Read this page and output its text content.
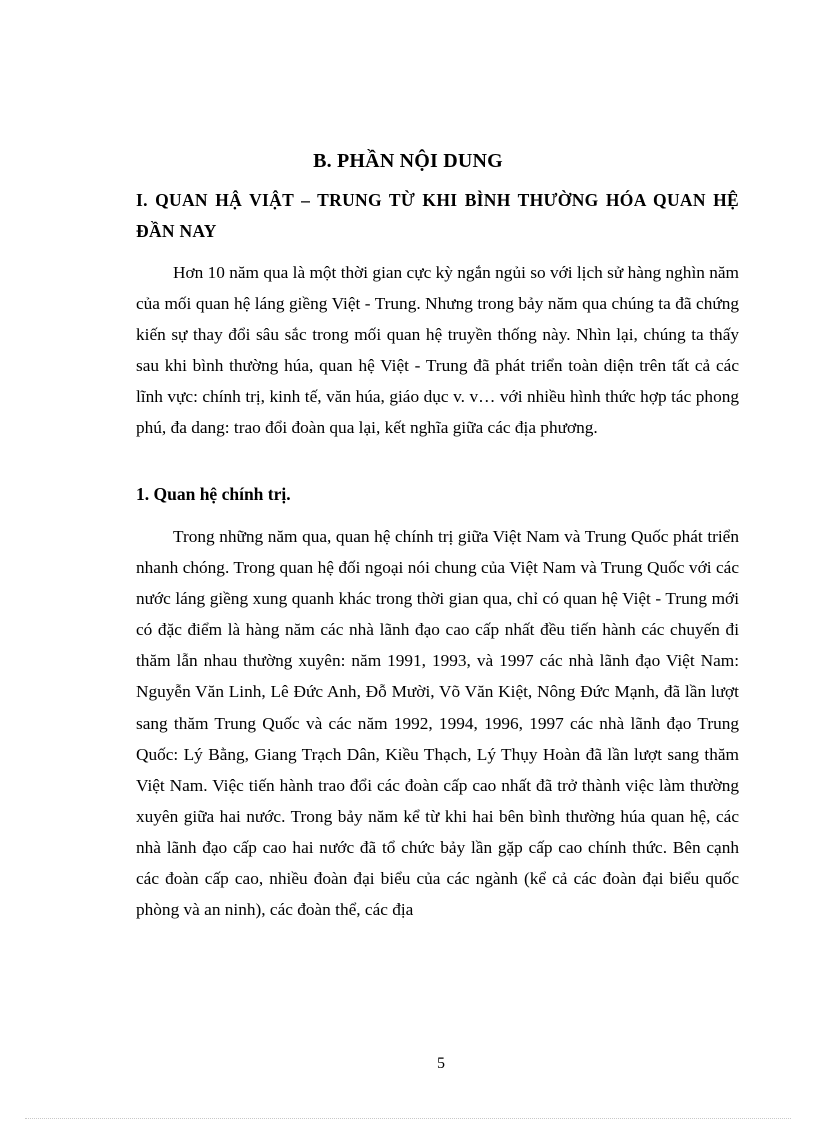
B. PHẦN NỘI DUNG
I. QUAN HẬ VIẬT – TRUNG TỪ KHI BÌNH THƯỜNG HÓA QUAN HỆ ĐẦN NAY
Hơn 10 năm qua là một thời gian cực kỳ ngắn ngủi so với lịch sử hàng nghìn năm của mối quan hệ láng giềng Việt - Trung. Nhưng trong bảy năm qua chúng ta đã chứng kiến sự thay đổi sâu sắc trong mối quan hệ truyền thống này. Nhìn lại, chúng ta thấy sau khi bình thường húa, quan hệ Việt - Trung đã phát triển toàn diện trên tất cả các lĩnh vực: chính trị, kinh tế, văn húa, giáo dục v. v… với nhiều hình thức hợp tác phong phú, đa dang: trao đổi đoàn qua lại, kết nghĩa giữa các địa phương.
1. Quan hệ chính trị.
Trong những năm qua, quan hệ chính trị giữa Việt Nam và Trung Quốc phát triển nhanh chóng. Trong quan hệ đối ngoại nói chung của Việt Nam và Trung Quốc với các nước láng giềng xung quanh khác trong thời gian qua, chỉ có quan hệ Việt - Trung mới có đặc điểm là hàng năm các nhà lãnh đạo cao cấp nhất đều tiến hành các chuyến đi thăm lẫn nhau thường xuyên: năm 1991, 1993, và 1997 các nhà lãnh đạo Việt Nam: Nguyễn Văn Linh, Lê Đức Anh, Đỗ Mười, Võ Văn Kiệt, Nông Đức Mạnh, đã lần lượt sang thăm Trung Quốc và các năm 1992, 1994, 1996, 1997 các nhà lãnh đạo Trung Quốc: Lý Bằng, Giang Trạch Dân, Kiều Thạch, Lý Thụy Hoàn đã lần lượt sang thăm Việt Nam. Việc tiến hành trao đổi các đoàn cấp cao nhất đã trở thành việc làm thường xuyên giữa hai nước. Trong bảy năm kể từ khi hai bên bình thường húa quan hệ, các nhà lãnh đạo cấp cao hai nước đã tổ chức bảy lần gặp cấp cao chính thức. Bên cạnh các đoàn cấp cao, nhiều đoàn đại biểu của các ngành (kể cả các đoàn đại biểu quốc phòng và an ninh), các đoàn thể, các địa
5
